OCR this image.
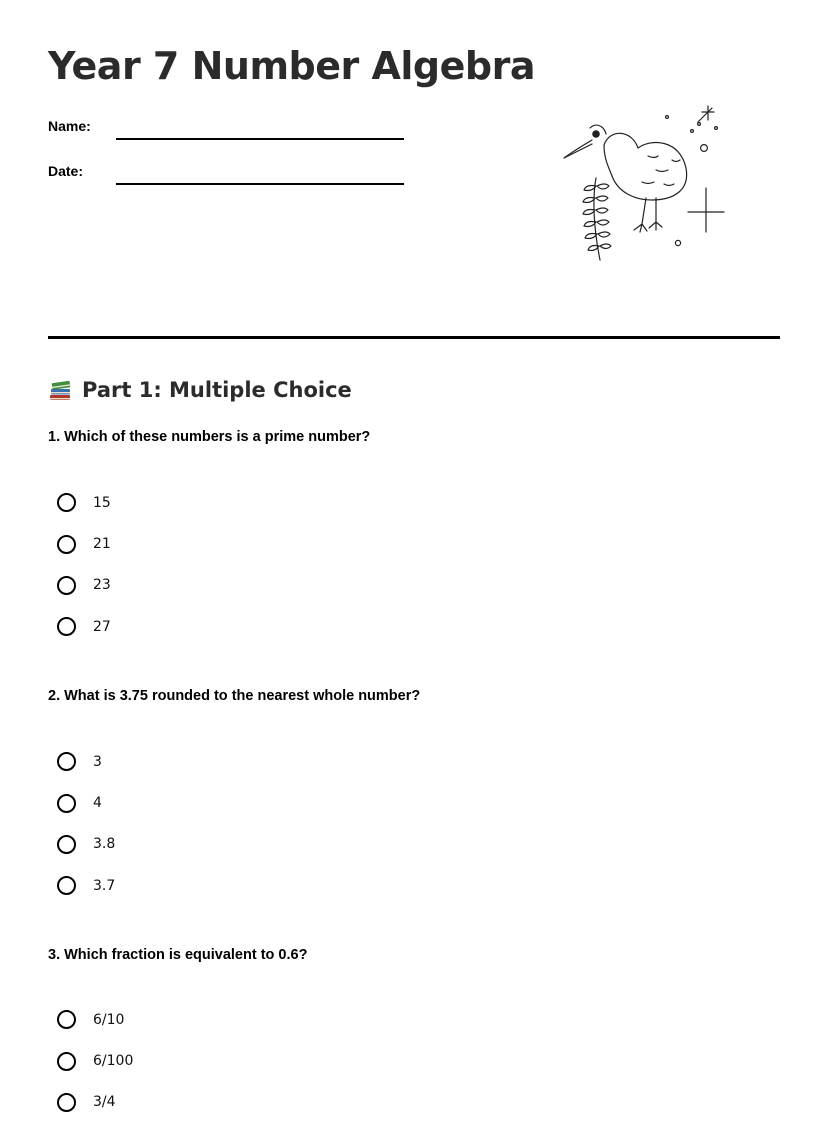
Year 7 Number Algebra
Name:
Date:
Part 1: Multiple Choice

1. Which of these numbers is a prime number?

15
21
23
27

2. What is 3.75 rounded to the nearest whole number?

3
4
3.8
3.7

3. Which fraction is equivalent to 0.6?

6/10
6/100
3/4
